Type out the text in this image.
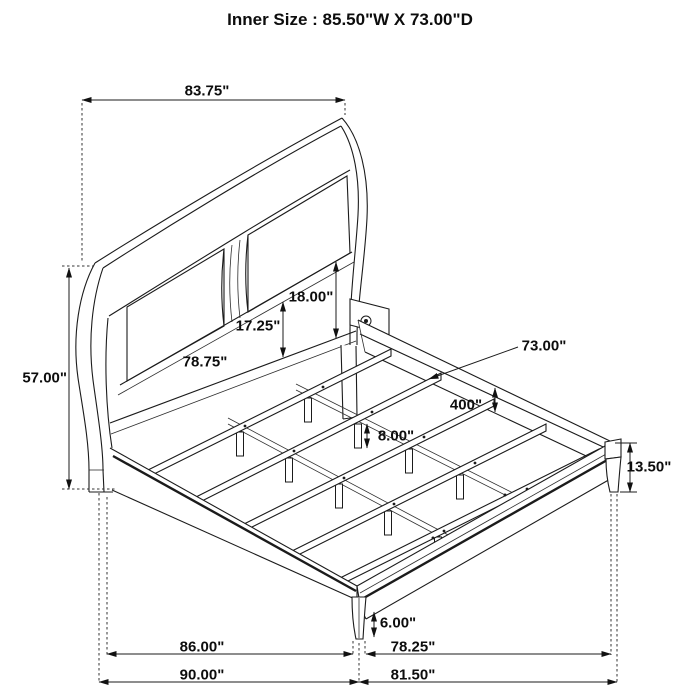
Inner Size : 85.50"W X 73.00"D
83.75"
57.00"
18.00"
17.25"
78.75"
73.00"
400"
8.00"
13.50"
6.00"
86.00"	78.25"
90.00"	81.50"
